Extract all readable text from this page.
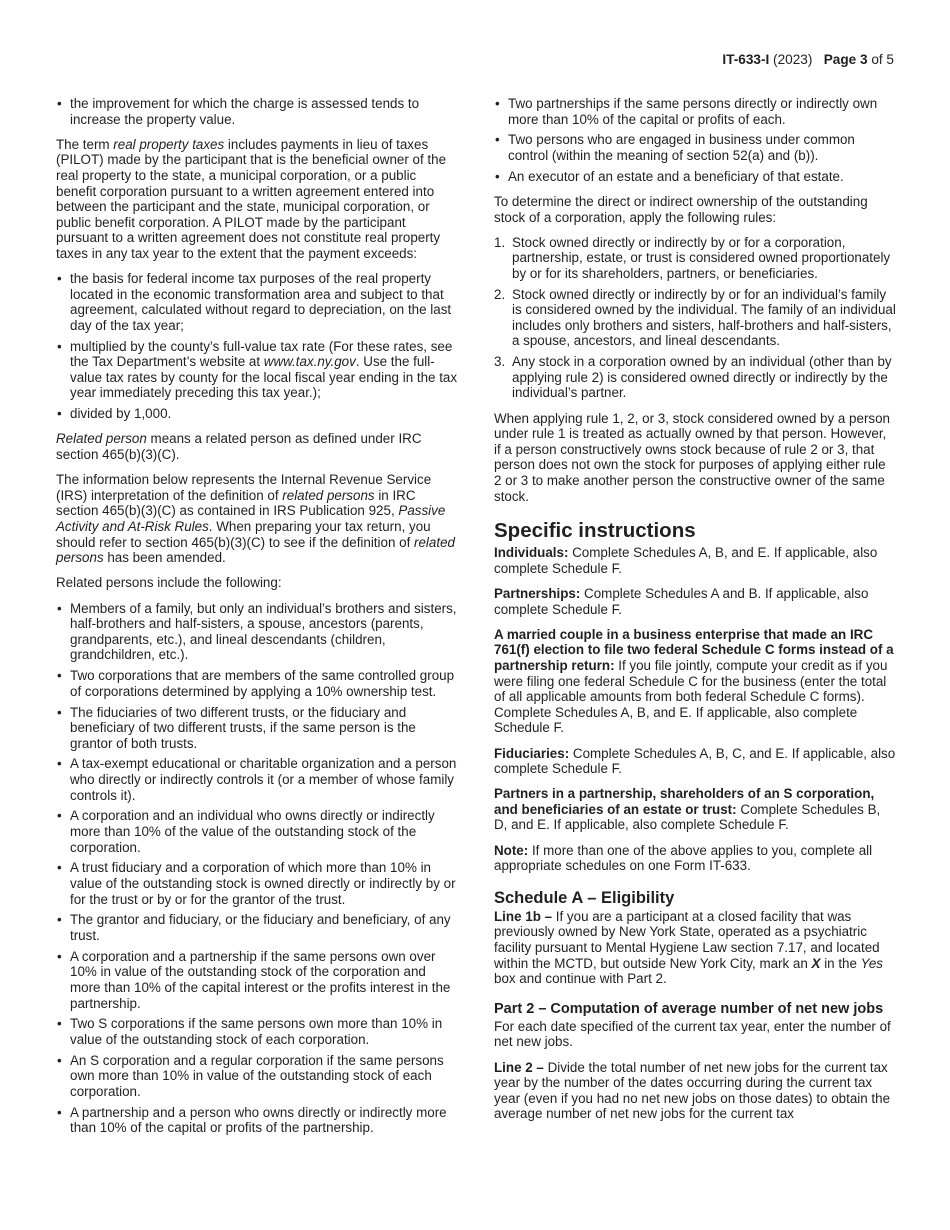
IT-633-I (2023) Page 3 of 5
• the improvement for which the charge is assessed tends to increase the property value.

The term real property taxes includes payments in lieu of taxes (PILOT) made by the participant that is the beneficial owner of the real property to the state, a municipal corporation, or a public benefit corporation pursuant to a written agreement entered into between the participant and the state, municipal corporation, or public benefit corporation. A PILOT made by the participant pursuant to a written agreement does not constitute real property taxes in any tax year to the extent that the payment exceeds:

• the basis for federal income tax purposes of the real property located in the economic transformation area and subject to that agreement, calculated without regard to depreciation, on the last day of the tax year;
• multiplied by the county’s full-value tax rate (For these rates, see the Tax Department’s website at www.tax.ny.gov. Use the full-value tax rates by county for the local fiscal year ending in the tax year immediately preceding this tax year.);
• divided by 1,000.

Related person means a related person as defined under IRC section 465(b)(3)(C).

The information below represents the Internal Revenue Service (IRS) interpretation of the definition of related persons in IRC section 465(b)(3)(C) as contained in IRS Publication 925, Passive Activity and At-Risk Rules. When preparing your tax return, you should refer to section 465(b)(3)(C) to see if the definition of related persons has been amended.

Related persons include the following:

• Members of a family, but only an individual’s brothers and sisters, half-brothers and half-sisters, a spouse, ancestors (parents, grandparents, etc.), and lineal descendants (children, grandchildren, etc.).
• Two corporations that are members of the same controlled group of corporations determined by applying a 10% ownership test.
• The fiduciaries of two different trusts, or the fiduciary and beneficiary of two different trusts, if the same person is the grantor of both trusts.
• A tax-exempt educational or charitable organization and a person who directly or indirectly controls it (or a member of whose family controls it).
• A corporation and an individual who owns directly or indirectly more than 10% of the value of the outstanding stock of the corporation.
• A trust fiduciary and a corporation of which more than 10% in value of the outstanding stock is owned directly or indirectly by or for the trust or by or for the grantor of the trust.
• The grantor and fiduciary, or the fiduciary and beneficiary, of any trust.
• A corporation and a partnership if the same persons own over 10% in value of the outstanding stock of the corporation and more than 10% of the capital interest or the profits interest in the partnership.
• Two S corporations if the same persons own more than 10% in value of the outstanding stock of each corporation.
• An S corporation and a regular corporation if the same persons own more than 10% in value of the outstanding stock of each corporation.
• A partnership and a person who owns directly or indirectly more than 10% of the capital or profits of the partnership.
• Two partnerships if the same persons directly or indirectly own more than 10% of the capital or profits of each.
• Two persons who are engaged in business under common control (within the meaning of section 52(a) and (b)).
• An executor of an estate and a beneficiary of that estate.

To determine the direct or indirect ownership of the outstanding stock of a corporation, apply the following rules:

1. Stock owned directly or indirectly by or for a corporation, partnership, estate, or trust is considered owned proportionately by or for its shareholders, partners, or beneficiaries.
2. Stock owned directly or indirectly by or for an individual’s family is considered owned by the individual. The family of an individual includes only brothers and sisters, half-brothers and half-sisters, a spouse, ancestors, and lineal descendants.
3. Any stock in a corporation owned by an individual (other than by applying rule 2) is considered owned directly or indirectly by the individual’s partner.

When applying rule 1, 2, or 3, stock considered owned by a person under rule 1 is treated as actually owned by that person. However, if a person constructively owns stock because of rule 2 or 3, that person does not own the stock for purposes of applying either rule 2 or 3 to make another person the constructive owner of the same stock.

Specific instructions

Individuals: Complete Schedules A, B, and E. If applicable, also complete Schedule F.

Partnerships: Complete Schedules A and B. If applicable, also complete Schedule F.

A married couple in a business enterprise that made an IRC 761(f) election to file two federal Schedule C forms instead of a partnership return: If you file jointly, compute your credit as if you were filing one federal Schedule C for the business (enter the total of all applicable amounts from both federal Schedule C forms). Complete Schedules A, B, and E. If applicable, also complete Schedule F.

Fiduciaries: Complete Schedules A, B, C, and E. If applicable, also complete Schedule F.

Partners in a partnership, shareholders of an S corporation, and beneficiaries of an estate or trust: Complete Schedules B, D, and E. If applicable, also complete Schedule F.

Note: If more than one of the above applies to you, complete all appropriate schedules on one Form IT-633.

Schedule A – Eligibility

Line 1b – If you are a participant at a closed facility that was previously owned by New York State, operated as a psychiatric facility pursuant to Mental Hygiene Law section 7.17, and located within the MCTD, but outside New York City, mark an X in the Yes box and continue with Part 2.

Part 2 – Computation of average number of net new jobs

For each date specified of the current tax year, enter the number of net new jobs.

Line 2 – Divide the total number of net new jobs for the current tax year by the number of the dates occurring during the current tax year (even if you had no net new jobs on those dates) to obtain the average number of net new jobs for the current tax
